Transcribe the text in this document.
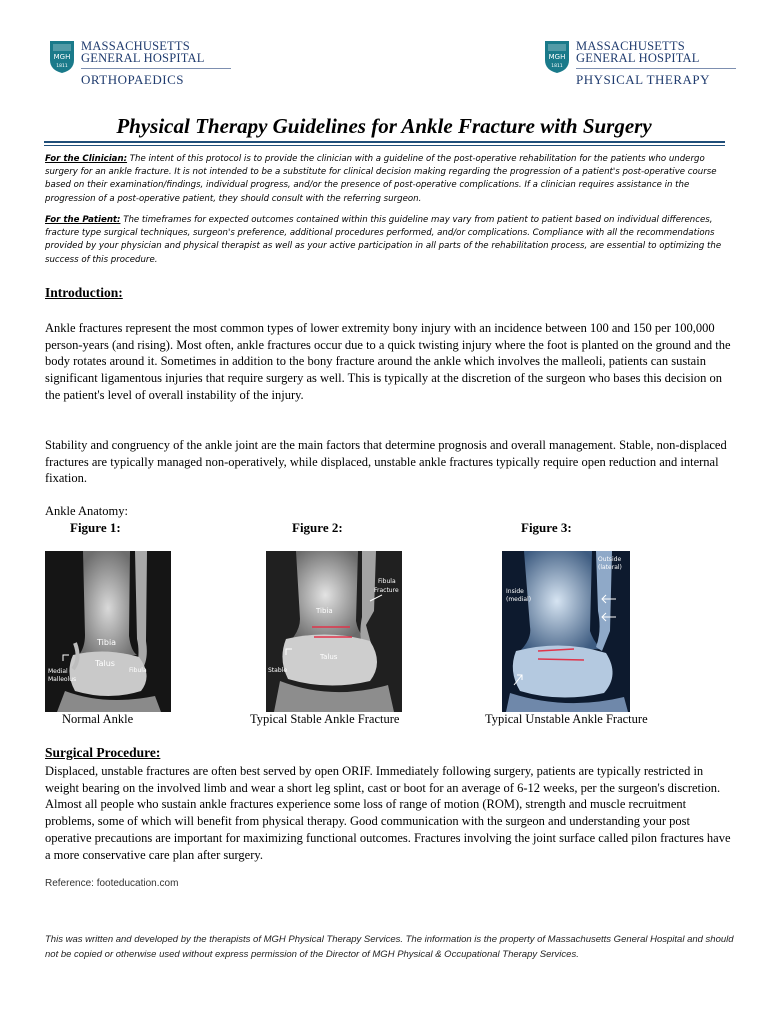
MGH
1811
MASSACHUSETTS
GENERAL HOSPITAL
ORTHOPAEDICS
MGH
1811
MASSACHUSETTS
GENERAL HOSPITAL
PHYSICAL THERAPY
Physical Therapy Guidelines for Ankle Fracture with Surgery

For the Clinician: The intent of this protocol is to provide the clinician with a guideline of the post-operative rehabilitation for the patients who undergo surgery for an ankle fracture. It is not intended to be a substitute for clinical decision making regarding the progression of a patient's post-operative course based on their examination/findings, individual progress, and/or the presence of post-operative complications. If a clinician requires assistance in the progression of a post-operative patient, they should consult with the referring surgeon.

For the Patient: The timeframes for expected outcomes contained within this guideline may vary from patient to patient based on individual differences, fracture type surgical techniques, surgeon's preference, additional procedures performed, and/or complications. Compliance with all the recommendations provided by your physician and physical therapist as well as your active participation in all parts of the rehabilitation process, are essential to optimizing the success of this procedure.

Introduction:

Ankle fractures represent the most common types of lower extremity bony injury with an incidence between 100 and 150 per 100,000 person-years (and rising). Most often, ankle fractures occur due to a quick twisting injury where the foot is planted on the ground and the body rotates around it. Sometimes in addition to the bony fracture around the ankle which involves the malleoli, patients can sustain significant ligamentous injuries that require surgery as well. This is typically at the discretion of the surgeon who bases this decision on the patient's level of overall instability of the injury.

Stability and congruency of the ankle joint are the main factors that determine prognosis and overall management. Stable, non-displaced fractures are typically managed non-operatively, while displaced, unstable ankle fractures typically require open reduction and internal fixation.

Ankle Anatomy:
Figure 1:	Figure 2:	Figure 3:
Tibia
Talus
Fibula
Medial
Malleolus
Tibia
Talus
Fibula
Fracture
Stable
Outside
(lateral)
Inside
(medial)
Normal Ankle	Typical Stable Ankle Fracture	Typical Unstable Ankle Fracture
Surgical Procedure:

Displaced, unstable fractures are often best served by open ORIF. Immediately following surgery, patients are typically restricted in weight bearing on the involved limb and wear a short leg splint, cast or boot for an average of 6-12 weeks, per the surgeon's discretion. Almost all people who sustain ankle fractures experience some loss of range of motion (ROM), strength and muscle recruitment problems, some of which will benefit from physical therapy. Good communication with the surgeon and understanding your post operative precautions are important for maximizing functional outcomes. Fractures involving the joint surface called pilon fractures have a more conservative care plan after surgery.

Reference: footeducation.com

This was written and developed by the therapists of MGH Physical Therapy Services. The information is the property of Massachusetts General Hospital and should not be copied or otherwise used without express permission of the Director of MGH Physical & Occupational Therapy Services.
